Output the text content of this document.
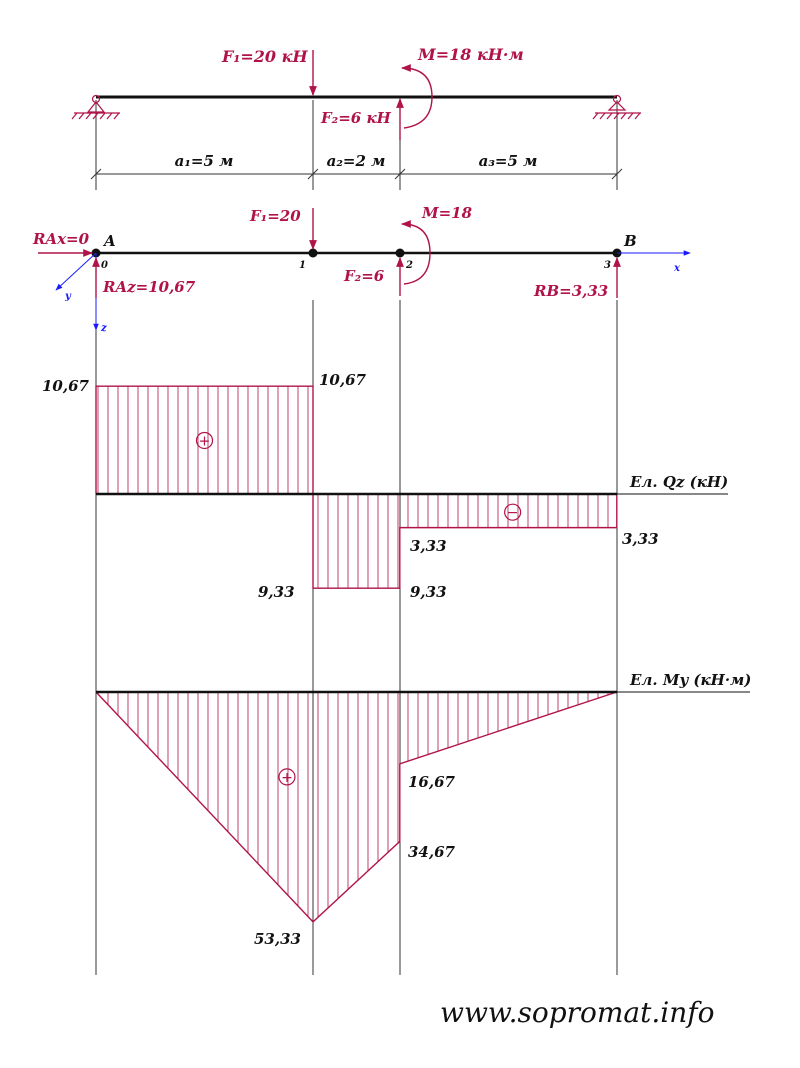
F₁=20 кН
F₂=6 кН
M=18 кН·м
a₁=5 м	a₂=2 м	a₃=5 м
A	B
0	1	2	3	x
z
y
RAx=0
RAz=10,67
F₁=20
F₂=6
M=18
RB=3,33
Ел. Qz (кН)
+
−
10,67	10,67
9,33	9,33
3,33	3,33
Ел. My (кН·м)
+
53,33
34,67
16,67
www.sopromat.info
